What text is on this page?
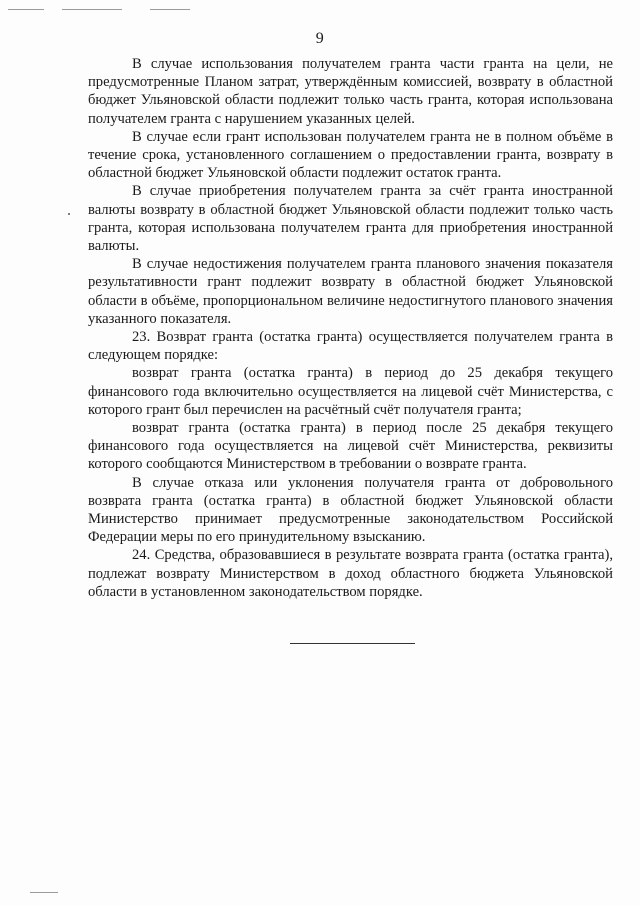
9

В случае использования получателем гранта части гранта на цели, не предусмотренные Планом затрат, утверждённым комиссией, возврату в областной бюджет Ульяновской области подлежит только часть гранта, которая использована получателем гранта с нарушением указанных целей.

В случае если грант использован получателем гранта не в полном объёме в течение срока, установленного соглашением о предоставлении гранта, возврату в областной бюджет Ульяновской области подлежит остаток гранта.

В случае приобретения получателем гранта за счёт гранта иностранной валюты возврату в областной бюджет Ульяновской области подлежит только часть гранта, которая использована получателем гранта для приобретения иностранной валюты.

В случае недостижения получателем гранта планового значения показателя результативности грант подлежит возврату в областной бюджет Ульяновской области в объёме, пропорциональном величине недостигнутого планового значения указанного показателя.

23. Возврат гранта (остатка гранта) осуществляется получателем гранта в следующем порядке:

возврат гранта (остатка гранта) в период до 25 декабря текущего финансового года включительно осуществляется на лицевой счёт Министерства, с которого грант был перечислен на расчётный счёт получателя гранта;

возврат гранта (остатка гранта) в период после 25 декабря текущего финансового года осуществляется на лицевой счёт Министерства, реквизиты которого сообщаются Министерством в требовании о возврате гранта.

В случае отказа или уклонения получателя гранта от добровольного возврата гранта (остатка гранта) в областной бюджет Ульяновской области Министерство принимает предусмотренные законодательством Российской Федерации меры по его принудительному взысканию.

24. Средства, образовавшиеся в результате возврата гранта (остатка гранта), подлежат возврату Министерством в доход областного бюджета Ульяновской области в установленном законодательством порядке.
